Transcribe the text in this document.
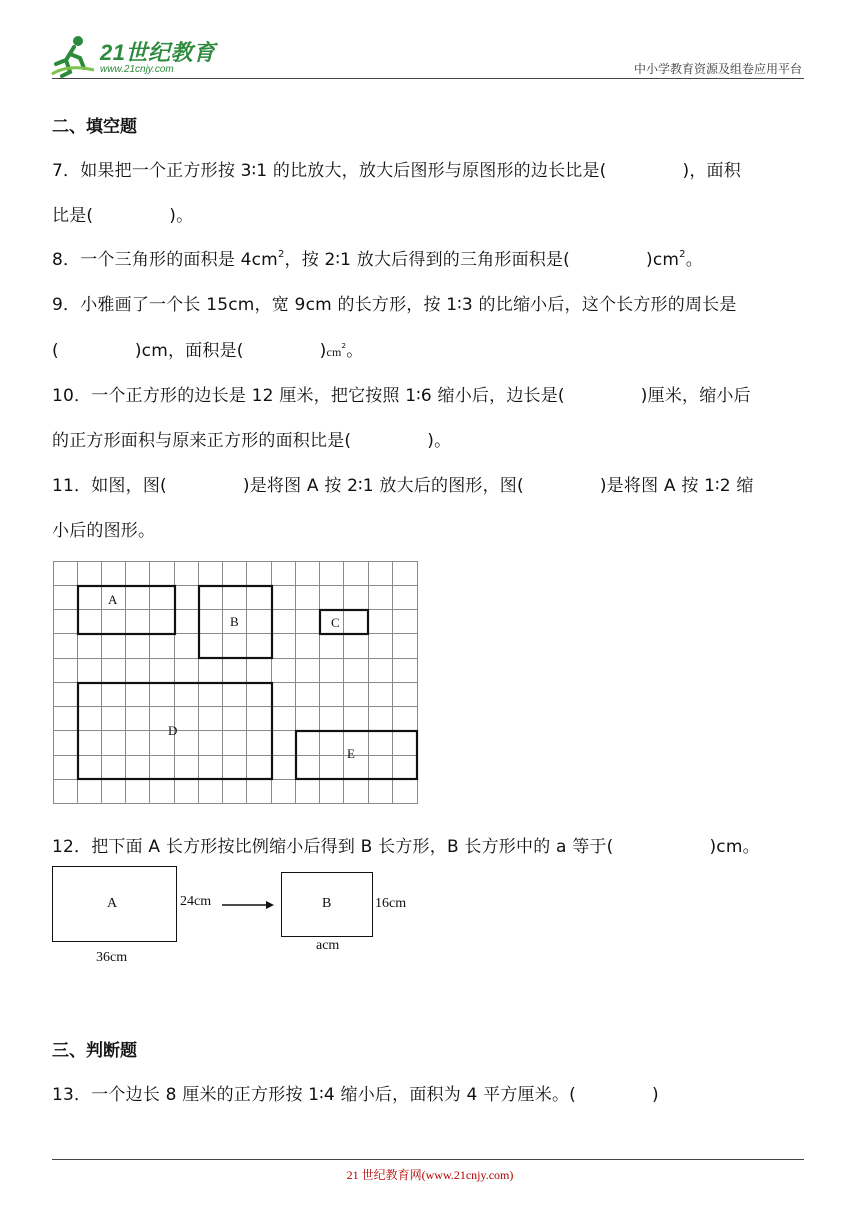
21世纪教育
www.21cnjy.com	中小学教育资源及组卷应用平台
二、填空题
7．如果把一个正方形按 3∶1 的比放大，放大后图形与原图形的边长比是(	)，面积
比是(	)。
8．一个三角形的面积是 $4cm^2$，按 2∶1 放大后得到的三角形面积是(	)$cm^2$。
9．小雅画了一个长 15cm，宽 9cm 的长方形，按 1∶3 的比缩小后，这个长方形的周长是
(	)cm，面积是(	)$cm^2$。
10．一个正方形的边长是 12 厘米，把它按照 1∶6 缩小后，边长是(	)厘米，缩小后
的正方形面积与原来正方形的面积比是(	)。
11．如图，图(	)是将图 A 按 2∶1 放大后的图形，图(	)是将图 A 按 1∶2 缩
小后的图形。
A
B	C
D
E
12．把下面 A 长方形按比例缩小后得到 B 长方形，B 长方形中的 a 等于(	)cm。
A	24cm
36cm
B	16cm
acm
三、判断题
13．一个边长 8 厘米的正方形按 1∶4 缩小后，面积为 4 平方厘米。(	)
21 世纪教育网(www.21cnjy.com)
